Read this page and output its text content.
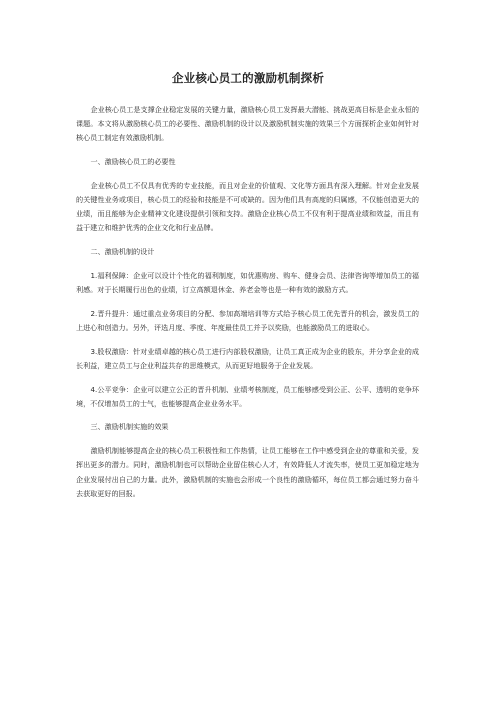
企业核心员工的激励机制探析

企业核心员工是支撑企业稳定发展的关键力量，激励核心员工发挥最大潜能、挑战更高目标是企业永恒的课题。本文将从激励核心员工的必要性、激励机制的设计以及激励机制实施的效果三个方面探析企业如何针对核心员工制定有效激励机制。

一、激励核心员工的必要性

企业核心员工不仅具有优秀的专业技能，而且对企业的价值观、文化等方面具有深入理解。针对企业发展的关键性业务或项目，核心员工的经验和技能是不可或缺的。因为他们具有高度的归属感，不仅能创造更大的业绩，而且能够为企业精神文化建设提供引领和支持。激励企业核心员工不仅有利于提高业绩和效益，而且有益于建立和维护优秀的企业文化和行业品牌。

二、激励机制的设计

1.福利保障：企业可以设计个性化的福利制度，如优惠购房、购车、健身会员、法律咨询等增加员工的福利感。对于长期履行出色的业绩，订立高额退休金、养老金等也是一种有效的激励方式。

2.晋升提升：通过重点业务项目的分配、参加高端培训等方式给予核心员工优先晋升的机会，激发员工的上进心和创造力。另外，评选月度、季度、年度最佳员工并予以奖励，也能激励员工的进取心。

3.股权激励：针对业绩卓越的核心员工进行内部股权激励，让员工真正成为企业的股东，并分享企业的成长利益，建立员工与企业利益共存的思维模式，从而更好地服务于企业发展。

4.公平竞争：企业可以建立公正的晋升机制、业绩考核制度，员工能够感受到公正、公平、透明的竞争环境，不仅增加员工的士气，也能够提高企业业务水平。

三、激励机制实施的效果

激励机制能够提高企业的核心员工积极性和工作热情，让员工能够在工作中感受到企业的尊重和关爱，发挥出更多的潜力。同时，激励机制也可以帮助企业留住核心人才，有效降低人才流失率，使员工更加稳定地为企业发展付出自己的力量。此外，激励机制的实施也会形成一个良性的激励循环，每位员工都会通过努力奋斗去获取更好的回报。
